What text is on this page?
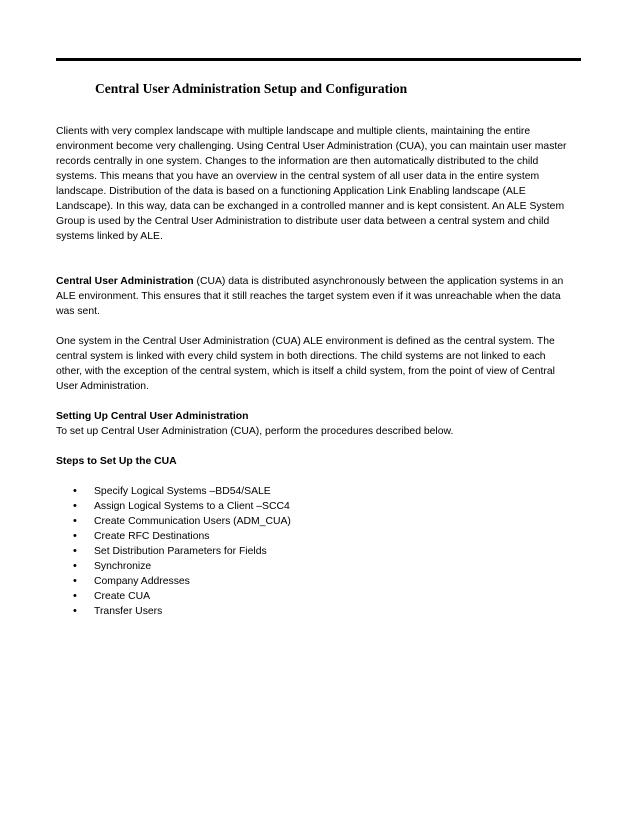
Central User Administration Setup and Configuration

Clients with very complex landscape with multiple landscape and multiple clients, maintaining the entire
environment become very challenging. Using Central User Administration (CUA), you can maintain user master
records centrally in one system. Changes to the information are then automatically distributed to the child
systems. This means that you have an overview in the central system of all user data in the entire system
landscape. Distribution of the data is based on a functioning Application Link Enabling landscape (ALE
Landscape). In this way, data can be exchanged in a controlled manner and is kept consistent. An ALE System
Group is used by the Central User Administration to distribute user data between a central system and child
systems linked by ALE.

Central User Administration (CUA) data is distributed asynchronously between the application systems in an
ALE environment. This ensures that it still reaches the target system even if it was unreachable when the data
was sent.

One system in the Central User Administration (CUA) ALE environment is defined as the central system. The
central system is linked with every child system in both directions. The child systems are not linked to each
other, with the exception of the central system, which is itself a child system, from the point of view of Central
User Administration.

Setting Up Central User Administration
To set up Central User Administration (CUA), perform the procedures described below.

Steps to Set Up the CUA

• Specify Logical Systems –BD54/SALE
• Assign Logical Systems to a Client –SCC4
• Create Communication Users (ADM_CUA)
• Create RFC Destinations
• Set Distribution Parameters for Fields
• Synchronize
• Company Addresses
• Create CUA
• Transfer Users
